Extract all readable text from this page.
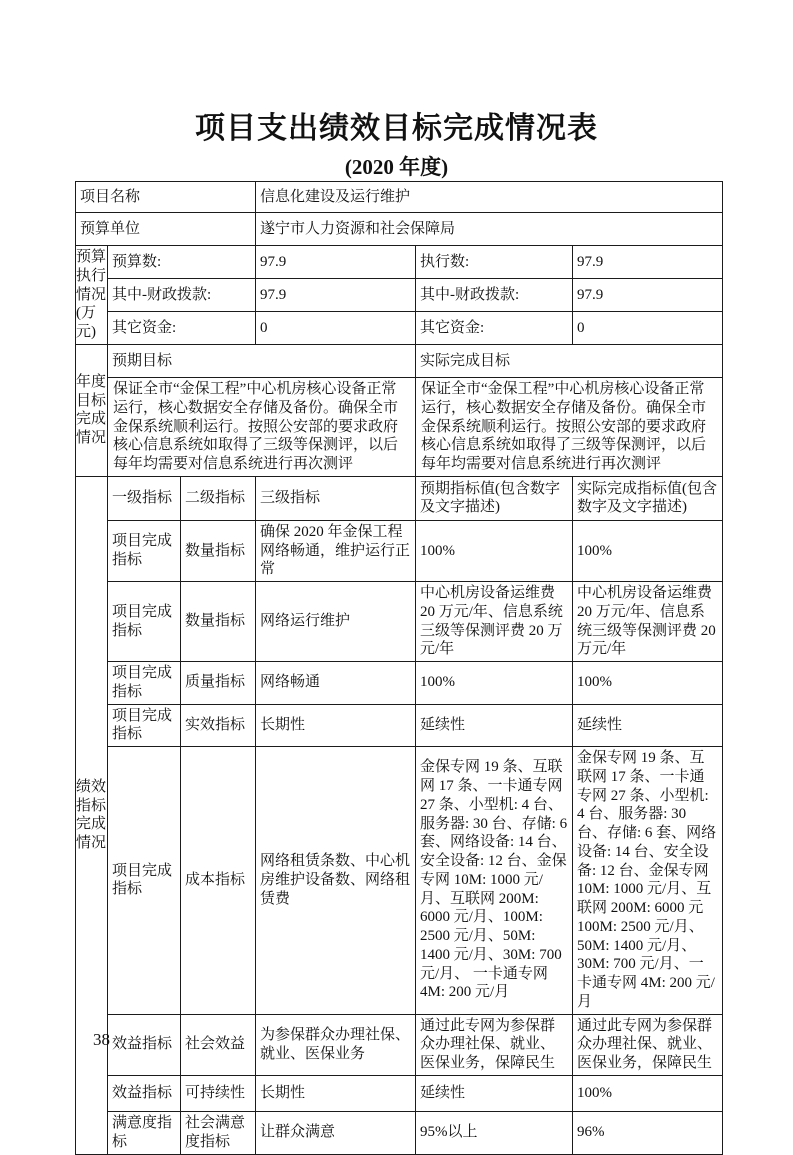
项目支出绩效目标完成情况表
(2020 年度)
项目名称			信息化建设及运行维护		
预算单位			遂宁市人力资源和社会保障局		
预算
执行
情况
(万
元)	预算数:		97.9	执行数:	97.9
	其中-财政拨款:		97.9	其中-财政拨款:	97.9
	其它资金:		0	其它资金:	0
年度
目标
完成
情况	预期目标			实际完成目标	
	保证全市“金保工程”中心机房核心设备正常运行，核心数据安全存储及备份。确保全市金保系统顺利运行。按照公安部的要求政府核心信息系统如取得了三级等保测评，以后每年均需要对信息系统进行再次测评			保证全市“金保工程”中心机房核心设备正常运行，核心数据安全存储及备份。确保全市金保系统顺利运行。按照公安部的要求政府核心信息系统如取得了三级等保测评，以后每年均需要对信息系统进行再次测评	
绩效
指标
完成
情况	一级指标	二级指标	三级指标	预期指标值(包含数字及文字描述)	实际完成指标值(包含数字及文字描述)
	项目完成指标	数量指标	确保 2020 年金保工程网络畅通，维护运行正常	100%	100%
	项目完成指标	数量指标	网络运行维护	中心机房设备运维费 20 万元/年、信息系统三级等保测评费 20 万元/年	中心机房设备运维费 20 万元/年、信息系统三级等保测评费 20 万元/年
	项目完成指标	质量指标	网络畅通	100%	100%
	项目完成指标	实效指标	长期性	延续性	延续性
	项目完成指标	成本指标	网络租赁条数、中心机房维护设备数、网络租赁费	金保专网 19 条、互联网 17 条、一卡通专网 27 条、小型机: 4 台、服务器: 30 台、存储: 6 套、网络设备: 14 台、安全设备: 12 台、金保专网 10M: 1000 元/月、互联网 200M: 6000 元/月、100M: 2500 元/月、50M: 1400 元/月、30M: 700 元/月、 一卡通专网 4M: 200 元/月	金保专网 19 条、互联网 17 条、一卡通专网 27 条、小型机: 4 台、服务器: 30 台、存储: 6 套、网络设备: 14 台、安全设备: 12 台、金保专网 10M: 1000 元/月、互联网 200M: 6000 元 100M: 2500 元/月、50M: 1400 元/月、30M: 700 元/月、一卡通专网 4M: 200 元/月
	效益指标	社会效益	为参保群众办理社保、就业、医保业务	通过此专网为参保群众办理社保、就业、医保业务，保障民生	通过此专网为参保群众办理社保、就业、医保业务，保障民生
	效益指标	可持续性	长期性	延续性	100%
	满意度指标	社会满意度指标	让群众满意	95%以上	96%
38
